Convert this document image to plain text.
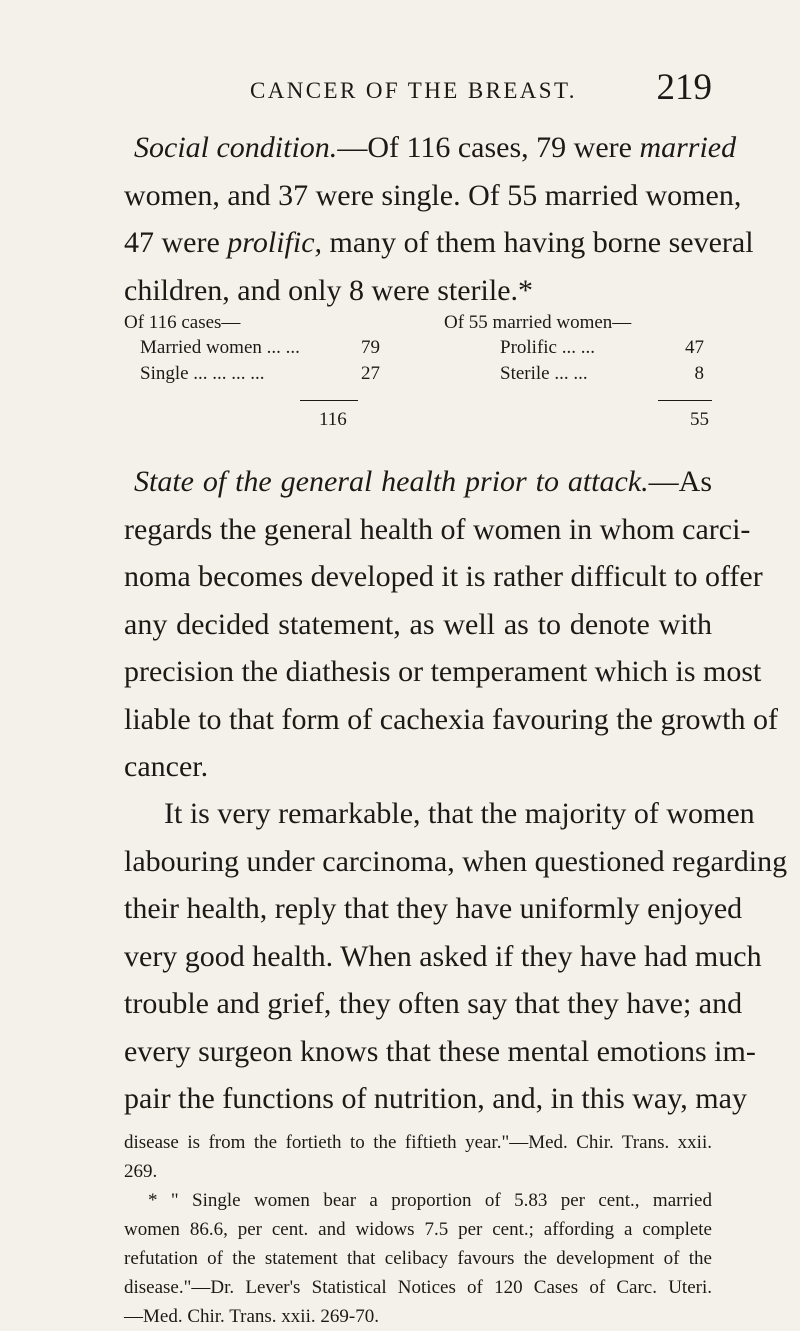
CANCER OF THE BREAST. 219

Social condition.—Of 116 cases, 79 were married
women, and 37 were single. Of 55 married women,
47 were prolific, many of them having borne several
children, and only 8 were sterile.*

Of 116 cases—
Married women ... ...	79
Single ... ... ... ...	27
116
Of 55 married women—
Prolific ... ...	47
Sterile ... ...	8
55

State of the general health prior to attack.—As
regards the general health of women in whom carci-
noma becomes developed it is rather difficult to offer
any decided statement, as well as to denote with
precision the diathesis or temperament which is most
liable to that form of cachexia favouring the growth of
cancer.

It is very remarkable, that the majority of women
labouring under carcinoma, when questioned regarding
their health, reply that they have uniformly enjoyed
very good health. When asked if they have had much
trouble and grief, they often say that they have; and
every surgeon knows that these mental emotions im-
pair the functions of nutrition, and, in this way, may

disease is from the fortieth to the fiftieth year."—Med. Chir. Trans. xxii.
269.
* " Single women bear a proportion of 5.83 per cent., married
women 86.6, per cent. and widows 7.5 per cent.; affording a complete
refutation of the statement that celibacy favours the development of the
disease."—Dr. Lever's Statistical Notices of 120 Cases of Carc. Uteri.
—Med. Chir. Trans. xxii. 269-70.
